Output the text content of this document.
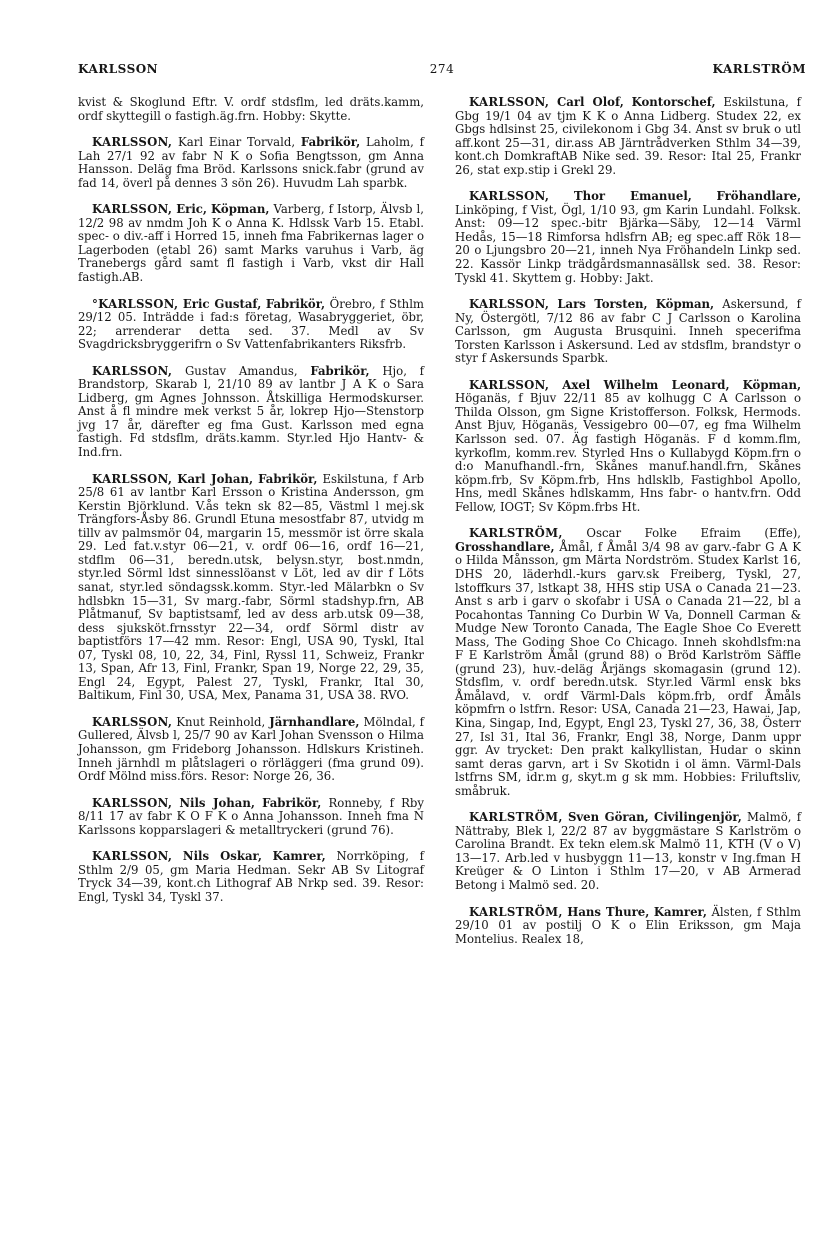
KARLSSON	274	KARLSTRÖM

kvist & Skoglund Eftr. V. ordf stdsflm, led dräts.kamm, ordf skyttegill o fastigh.äg.frn. Hobby: Skytte.

KARLSSON, Karl Einar Torvald, Fabrikör, Laholm, f Lah 27/1 92 av fabr N K o Sofia Bengtsson, gm Anna Hansson. Deläg fma Bröd. Karlssons snick.fabr (grund av fad 14, överl på dennes 3 sön 26). Huvudm Lah sparbk.

KARLSSON, Eric, Köpman, Varberg, f Istorp, Älvsb l, 12/2 98 av nmdm Joh K o Anna K. Hdlssk Varb 15. Etabl. spec- o div.-aff i Horred 15, inneh fma Fabrikernas lager o Lagerboden (etabl 26) samt Marks varuhus i Varb, äg Tranebergs gård samt fl fastigh i Varb, vkst dir Hall fastigh.AB.

°KARLSSON, Eric Gustaf, Fabrikör, Örebro, f Sthlm 29/12 05. Inträdde i fad:s företag, Wasabryggeriet, öbr, 22; arrenderar detta sed. 37. Medl av Sv Svagdricksbryggerifrn o Sv Vattenfabrikanters Riksfrb.

KARLSSON, Gustav Amandus, Fabrikör, Hjo, f Brandstorp, Skarab l, 21/10 89 av lantbr J A K o Sara Lidberg, gm Agnes Johnsson. Åtskilliga Hermodskurser. Anst å fl mindre mek verkst 5 år, lokrep Hjo—Stenstorp jvg 17 år, därefter eg fma Gust. Karlsson med egna fastigh. Fd stdsflm, dräts.kamm. Styr.led Hjo Hantv- & Ind.frn.

KARLSSON, Karl Johan, Fabrikör, Eskilstuna, f Arb 25/8 61 av lantbr Karl Ersson o Kristina Andersson, gm Kerstin Björklund. V.ås tekn sk 82—85, Västml l mej.sk Trängfors-Åsby 86. Grundl Etuna mesostfabr 87, utvidg m tillv av palmsmör 04, margarin 15, messmör ist örre skala 29. Led fat.v.styr 06—21, v. ordf 06—16, ordf 16—21, stdflm 06—31, beredn.utsk, belysn.styr, bost.nmdn, styr.led Sörml ldst sinnesslöanst v Löt, led av dir f Löts sanat, styr.led söndagssk.komm. Styr.-led Mälarbkn o Sv hdlsbkn 15—31, Sv marg.-fabr, Sörml stadshyp.frn, AB Plåtmanuf, Sv baptistsamf, led av dess arb.utsk 09—38, dess sjuksköt.frnsstyr 22—34, ordf Sörml distr av baptistförs 17—42 mm. Resor: Engl, USA 90, Tyskl, Ital 07, Tyskl 08, 10, 22, 34, Finl, Ryssl 11, Schweiz, Frankr 13, Span, Afr 13, Finl, Frankr, Span 19, Norge 22, 29, 35, Engl 24, Egypt, Palest 27, Tyskl, Frankr, Ital 30, Baltikum, Finl 30, USA, Mex, Panama 31, USA 38. RVO.

KARLSSON, Knut Reinhold, Järnhandlare, Mölndal, f Gullered, Älvsb l, 25/7 90 av Karl Johan Svensson o Hilma Johansson, gm Frideborg Johansson. Hdlskurs Kristineh. Inneh järnhdl m plåtslageri o rörläggeri (fma grund 09). Ordf Mölnd miss.förs. Resor: Norge 26, 36.

KARLSSON, Nils Johan, Fabrikör, Ronneby, f Rby 8/11 17 av fabr K O F K o Anna Johansson. Inneh fma N Karlssons kopparslageri & metalltryckeri (grund 76).

KARLSSON, Nils Oskar, Kamrer, Norrköping, f Sthlm 2/9 05, gm Maria Hedman. Sekr AB Sv Litograf Tryck 34—39, kont.ch Lithograf AB Nrkp sed. 39. Resor: Engl, Tyskl 34, Tyskl 37.

KARLSSON, Carl Olof, Kontorschef, Eskilstuna, f Gbg 19/1 04 av tjm K K o Anna Lidberg. Studex 22, ex Gbgs hdlsinst 25, civilekonom i Gbg 34. Anst sv bruk o utl aff.kont 25—31, dir.ass AB Järntrådverken Sthlm 34—39, kont.ch DomkraftAB Nike sed. 39. Resor: Ital 25, Frankr 26, stat exp.stip i Grekl 29.

KARLSSON, Thor Emanuel, Fröhandlare, Linköping, f Vist, Ögl, 1/10 93, gm Karin Lundahl. Folksk. Anst: 09—12 spec.-bitr Bjärka—Säby, 12—14 Värml Hedås, 15—18 Rimforsa hdlsfrn AB; eg spec.aff Rök 18—20 o Ljungsbro 20—21, inneh Nya Fröhandeln Linkp sed. 22. Kassör Linkp trädgårdsmannasällsk sed. 38. Resor: Tyskl 41. Skyttem g. Hobby: Jakt.

KARLSSON, Lars Torsten, Köpman, Askersund, f Ny, Östergötl, 7/12 86 av fabr C J Carlsson o Karolina Carlsson, gm Augusta Brusquini. Inneh specerifma Torsten Karlsson i Askersund. Led av stdsflm, brandstyr o styr f Askersunds Sparbk.

KARLSSON, Axel Wilhelm Leonard, Köpman, Höganäs, f Bjuv 22/11 85 av kolhugg C A Carlsson o Thilda Olsson, gm Signe Kristofferson. Folksk, Hermods. Anst Bjuv, Höganäs, Vessigebro 00—07, eg fma Wilhelm Karlsson sed. 07. Äg fastigh Höganäs. F d komm.flm, kyrkoflm, komm.rev. Styrled Hns o Kullabygd Köpm.frn o d:o Manufhandl.-frn, Skånes manuf.handl.frn, Skånes köpm.frb, Sv Köpm.frb, Hns hdlsklb, Fastighbol Apollo, Hns, medl Skånes hdlskamm, Hns fabr- o hantv.frn. Odd Fellow, IOGT; Sv Köpm.frbs Ht.

KARLSTRÖM, Oscar Folke Efraim (Effe), Grosshandlare, Åmål, f Åmål 3/4 98 av garv.-fabr G A K o Hilda Månsson, gm Märta Nordström. Studex Karlst 16, DHS 20, läderhdl.-kurs garv.sk Freiberg, Tyskl, 27, lstoffkurs 37, lstkapt 38, HHS stip USA o Canada 21—23. Anst s arb i garv o skofabr i USA o Canada 21—22, bl a Pocahontas Tanning Co Durbin W Va, Donnell Carman & Mudge New Toronto Canada, The Eagle Shoe Co Everett Mass, The Goding Shoe Co Chicago. Inneh skohdlsfm:na F E Karlström Åmål (grund 88) o Bröd Karlström Säffle (grund 23), huv.-deläg Årjängs skomagasin (grund 12). Stdsflm, v. ordf beredn.utsk. Styr.led Värml ensk bks Åmålavd, v. ordf Värml-Dals köpm.frb, ordf Åmåls köpmfrn o lstfrn. Resor: USA, Canada 21—23, Hawai, Jap, Kina, Singap, Ind, Egypt, Engl 23, Tyskl 27, 36, 38, Österr 27, Isl 31, Ital 36, Frankr, Engl 38, Norge, Danm uppr ggr. Av trycket: Den prakt kalkyllistan, Hudar o skinn samt deras garvn, art i Sv Skotidn i ol ämn. Värml-Dals lstfrns SM, idr.m g, skyt.m g sk mm. Hobbies: Friluftsliv, småbruk.

KARLSTRÖM, Sven Göran, Civilingenjör, Malmö, f Nättraby, Blek l, 22/2 87 av byggmästare S Karlström o Carolina Brandt. Ex tekn elem.sk Malmö 11, KTH (V o V) 13—17. Arb.led v husbyggn 11—13, konstr v Ing.fman H Kreüger & O Linton i Sthlm 17—20, v AB Armerad Betong i Malmö sed. 20.

KARLSTRÖM, Hans Thure, Kamrer, Älsten, f Sthlm 29/10 01 av postilj O K o Elin Eriksson, gm Maja Montelius. Realex 18,
